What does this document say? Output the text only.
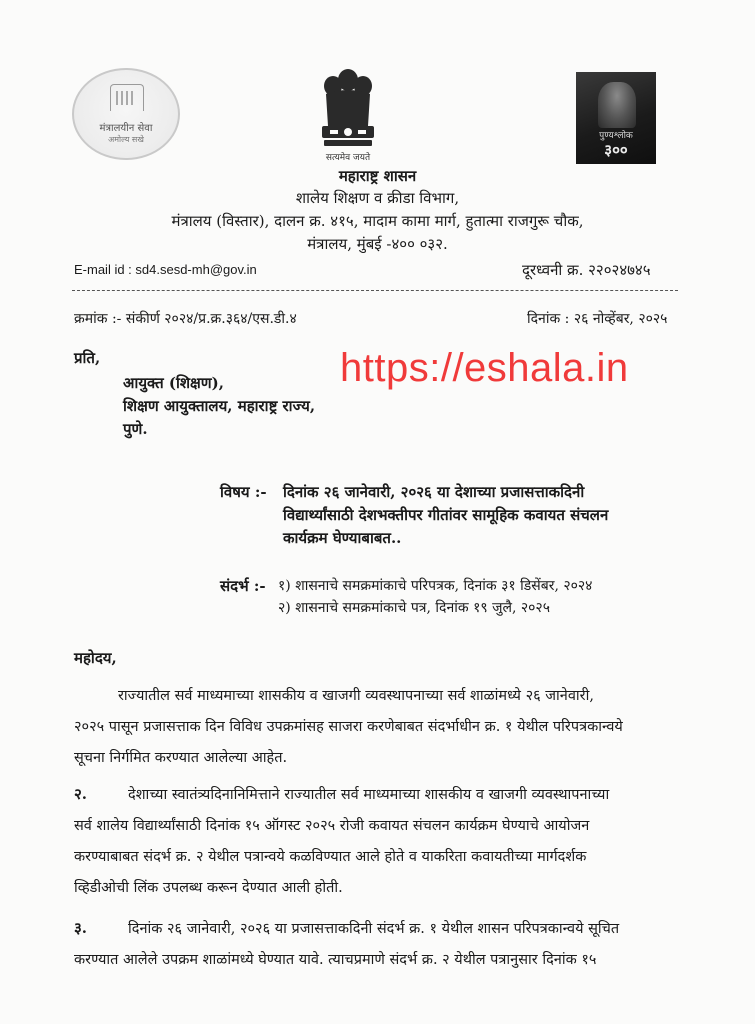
मंत्रालयीन सेवा
अमोल्य सखे
सत्यमेव जयते
पुण्यश्लोक
३००
महाराष्ट्र शासन
शालेय शिक्षण व क्रीडा विभाग,
मंत्रालय (विस्तार), दालन क्र. ४१५, मादाम कामा मार्ग, हुतात्मा राजगुरू चौक,
मंत्रालय, मुंबई -४०० ०३२.
E-mail id : sd4.sesd-mh@gov.in	दूरध्वनी क्र. २२०२४७४५
क्रमांक :- संकीर्ण २०२४/प्र.क्र.३६४/एस.डी.४	दिनांक : २६ नोव्हेंबर, २०२५
प्रति,
आयुक्त (शिक्षण),
शिक्षण आयुक्तालय, महाराष्ट्र राज्य,
पुणे.
https://eshala.in
विषय :- दिनांक २६ जानेवारी, २०२६ या देशाच्या प्रजासत्ताकदिनी
विद्यार्थ्यांसाठी देशभक्तीपर गीतांवर सामूहिक कवायत संचलन
कार्यक्रम घेण्याबाबत..
संदर्भ :- १) शासनाचे समक्रमांकाचे परिपत्रक, दिनांक ३१ डिसेंबर, २०२४
२) शासनाचे समक्रमांकाचे पत्र, दिनांक १९ जुलै, २०२५
महोदय,
राज्यातील सर्व माध्यमाच्या शासकीय व खाजगी व्यवस्थापनाच्या सर्व शाळांमध्ये २६ जानेवारी,
२०२५ पासून प्रजासत्ताक दिन विविध उपक्रमांसह साजरा करणेबाबत संदर्भाधीन क्र. १ येथील परिपत्रकान्वये
सूचना निर्गमित करण्यात आलेल्या आहेत.
२.	देशाच्या स्वातंत्र्यदिनानिमित्ताने राज्यातील सर्व माध्यमाच्या शासकीय व खाजगी व्यवस्थापनाच्या
सर्व शालेय विद्यार्थ्यांसाठी दिनांक १५ ऑगस्ट २०२५ रोजी कवायत संचलन कार्यक्रम घेण्याचे आयोजन
करण्याबाबत संदर्भ क्र. २ येथील पत्रान्वये कळविण्यात आले होते व याकरिता कवायतीच्या मार्गदर्शक
व्हिडीओची लिंक उपलब्ध करून देण्यात आली होती.
३.	दिनांक २६ जानेवारी, २०२६ या प्रजासत्ताकदिनी संदर्भ क्र. १ येथील शासन परिपत्रकान्वये सूचित
करण्यात आलेले उपक्रम शाळांमध्ये घेण्यात यावे. त्याचप्रमाणे संदर्भ क्र. २ येथील पत्रानुसार दिनांक १५
